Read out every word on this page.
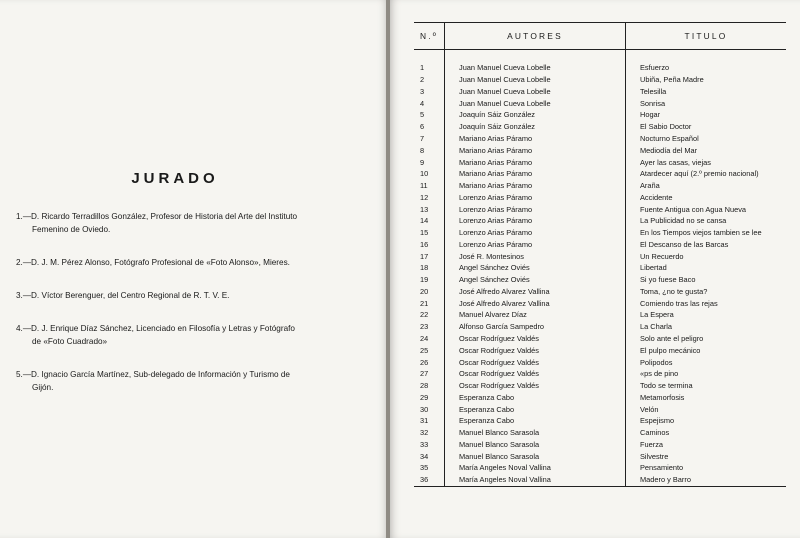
JURADO
1.—D. Ricardo Terradillos González, Profesor de Historia del Arte del Instituto
Femenino de Oviedo.
2.—D. J. M. Pérez Alonso, Fotógrafo Profesional de «Foto Alonso», Mieres.
3.—D. Víctor Berenguer, del Centro Regional de R. T. V. E.
4.—D. J. Enrique Díaz Sánchez, Licenciado en Filosofía y Letras y Fotógrafo
de «Foto Cuadrado»
5.—D. Ignacio García Martínez, Sub-delegado de Información y Turismo de
Gijón.
N.º	AUTORES	TITULO

1	Juan Manuel Cueva Lobelle	Esfuerzo
2	Juan Manuel Cueva Lobelle	Ubiña, Peña Madre
3	Juan Manuel Cueva Lobelle	Telesilla
4	Juan Manuel Cueva Lobelle	Sonrisa
5	Joaquín Sáiz González	Hogar
6	Joaquín Sáiz González	El Sabio Doctor
7	Mariano Arias Páramo	Nocturno Español
8	Mariano Arias Páramo	Mediodía del Mar
9	Mariano Arias Páramo	Ayer las casas, viejas
10	Mariano Arias Páramo	Atardecer aquí (2.º premio nacional)
11	Mariano Arias Páramo	Araña
12	Lorenzo Arias Páramo	Accidente
13	Lorenzo Arias Páramo	Fuente Antigua con Agua Nueva
14	Lorenzo Arias Páramo	La Publicidad no se cansa
15	Lorenzo Arias Páramo	En los Tiempos viejos tambien se lee
16	Lorenzo Arias Páramo	El Descanso de las Barcas
17	José R. Montesinos	Un Recuerdo
18	Angel Sánchez Oviés	Libertad
19	Angel Sánchez Oviés	Si yo fuese Baco
20	José Alfredo Alvarez Vallina	Toma, ¿no te gusta?
21	José Alfredo Alvarez Vallina	Comiendo tras las rejas
22	Manuel Alvarez Díaz	La Espera
23	Alfonso García Sampedro	La Charla
24	Oscar Rodríguez Valdés	Solo ante el peligro
25	Oscar Rodríguez Valdés	El pulpo mecánico
26	Oscar Rodríguez Valdés	Polipodos
27	Oscar Rodríguez Valdés	«ps de pino
28	Oscar Rodríguez Valdés	Todo se termina
29	Esperanza Cabo	Metamorfosis
30	Esperanza Cabo	Velón
31	Esperanza Cabo	Espejismo
32	Manuel Blanco Sarasola	Caminos
33	Manuel Blanco Sarasola	Fuerza
34	Manuel Blanco Sarasola	Silvestre
35	María Angeles Noval Vallina	Pensamiento
36	María Angeles Noval Vallina	Madero y Barro
